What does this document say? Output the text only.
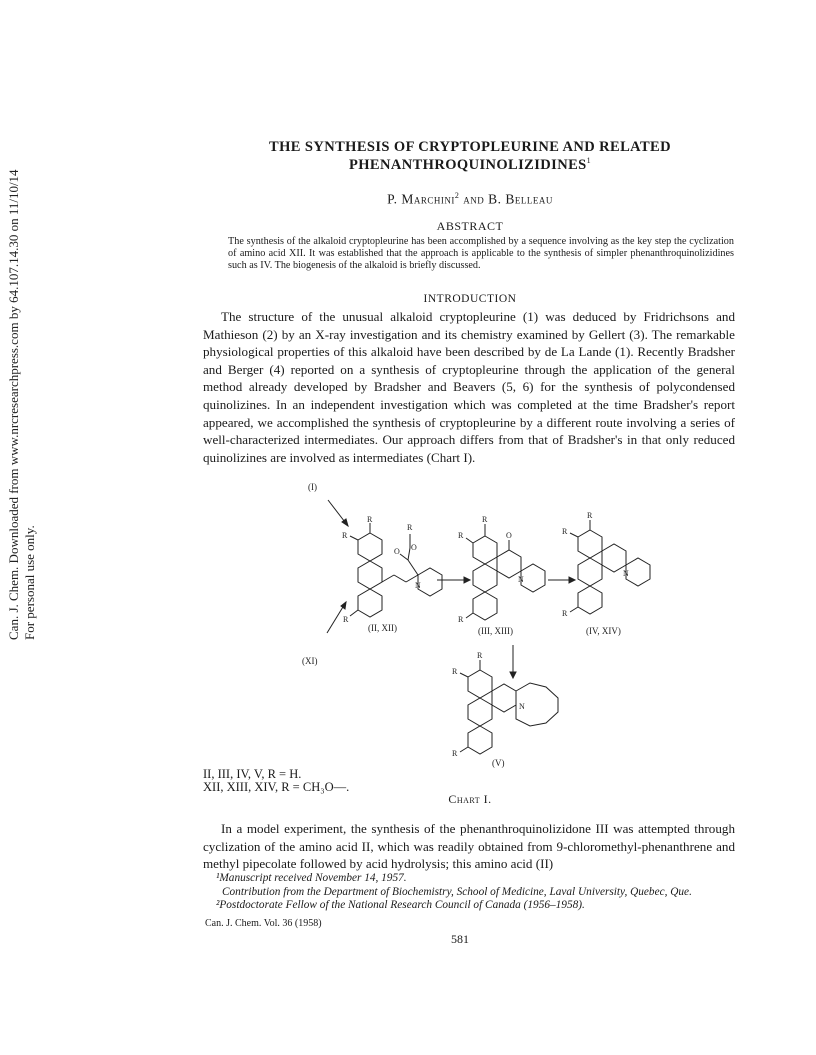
Can. J. Chem. Downloaded from www.nrcresearchpress.com by 64.107.14.30 on 11/10/14 For personal use only.
THE SYNTHESIS OF CRYPTOPLEURINE AND RELATED
PHENANTHROQUINOLIZIDINES$^1$
P. Marchini$^2$ and B. Belleau
ABSTRACT
The synthesis of the alkaloid cryptopleurine has been accomplished by a sequence involving as the key step the cyclization of amino acid XII. It was established that the approach is applicable to the synthesis of simpler phenanthroquinolizidines such as IV. The biogenesis of the alkaloid is briefly discussed.
INTRODUCTION
The structure of the unusual alkaloid cryptopleurine (1) was deduced by Fridrichsons and Mathieson (2) by an X-ray investigation and its chemistry examined by Gellert (3). The remarkable physiological properties of this alkaloid have been described by de La Lande (1). Recently Bradsher and Berger (4) reported on a synthesis of cryptopleurine through the application of the general method already developed by Bradsher and Beavers (5, 6) for the synthesis of polycondensed quinolizines. In an independent investigation which was completed at the time Bradsher's report appeared, we accomplished the synthesis of cryptopleurine by a different route involving a series of well-characterized intermediates. Our approach differs from that of Bradsher's in that only reduced quinolizines are involved as intermediates (Chart I).
(I)
(XI)
R
R
R
R
O O
N
(II, XII)
R
R
R
O
N
(III, XIII)
R
R
R
N
(IV, XIV)
R
R
R
N
(V)
II, III, IV, V, R = H.
XII, XIII, XIV, R = CH₃O—.
Chart I.
In a model experiment, the synthesis of the phenanthroquinolizidone III was attempted through cyclization of the amino acid II, which was readily obtained from 9-chloromethyl-phenanthrene and methyl pipecolate followed by acid hydrolysis; this amino acid (II)
¹Manuscript received November 14, 1957.
Contribution from the Department of Biochemistry, School of Medicine, Laval University, Quebec, Que.
²Postdoctorate Fellow of the National Research Council of Canada (1956–1958).
Can. J. Chem. Vol. 36 (1958)
581
